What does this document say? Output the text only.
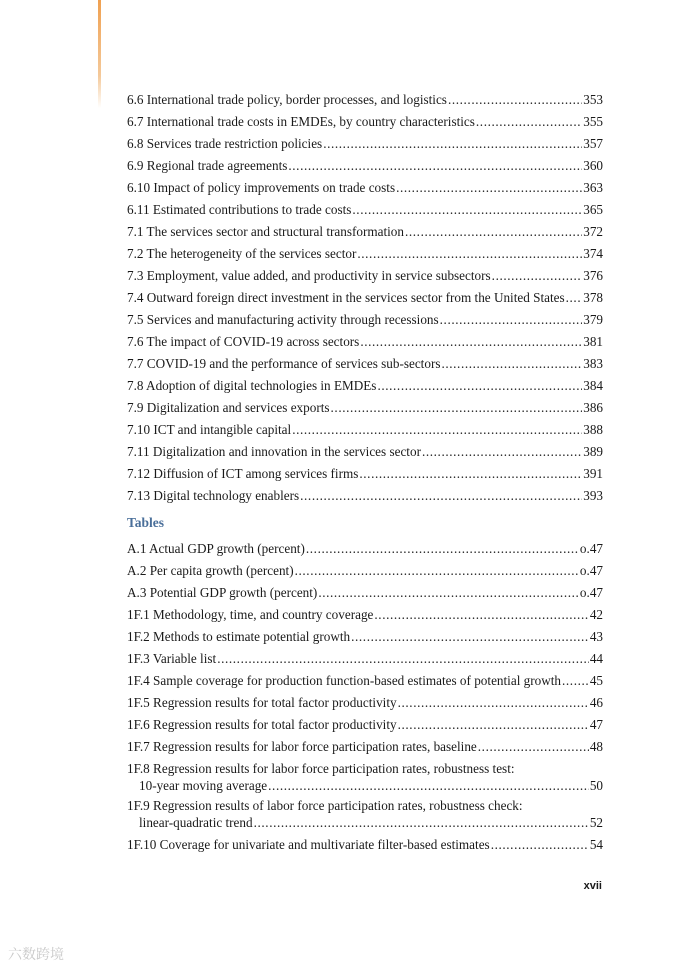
6.6 International trade policy, border processes, and logistics .....	353
6.7 International trade costs in EMDEs, by country characteristics .....	355
6.8 Services trade restriction policies .....	357
6.9 Regional trade agreements .....	360
6.10 Impact of policy improvements on trade costs .....	363
6.11 Estimated contributions to trade costs .....	365
7.1 The services sector and structural transformation .....	372
7.2 The heterogeneity of the services sector .....	374
7.3 Employment, value added, and productivity in service subsectors .....	376
7.4 Outward foreign direct investment in the services sector from the United States ..... 378
7.5 Services and manufacturing activity through recessions .....	379
7.6 The impact of COVID-19 across sectors .....	381
7.7 COVID-19 and the performance of services sub-sectors .....	383
7.8 Adoption of digital technologies in EMDEs .....	384
7.9 Digitalization and services exports .....	386
7.10 ICT and intangible capital .....	388
7.11 Digitalization and innovation in the services sector .....	389
7.12 Diffusion of ICT among services firms .....	391
7.13 Digital technology enablers .....	393
Tables
A.1 Actual GDP growth (percent) .....	o.47
A.2 Per capita growth (percent) .....	o.47
A.3 Potential GDP growth (percent) .....	o.47
1F.1 Methodology, time, and country coverage .....	42
1F.2 Methods to estimate potential growth .....	43
1F.3 Variable list .....	44
1F.4 Sample coverage for production function-based estimates of potential growth ..... 45
1F.5 Regression results for total factor productivity .....	46
1F.6 Regression results for total factor productivity .....	47
1F.7 Regression results for labor force participation rates, baseline .....	48
1F.8 Regression results for labor force participation rates, robustness test:
10-year moving average .....	50
1F.9 Regression results of labor force participation rates, robustness check:
linear-quadratic trend .....	52
1F.10 Coverage for univariate and multivariate filter-based estimates .....	54
xvii
六数跨境
